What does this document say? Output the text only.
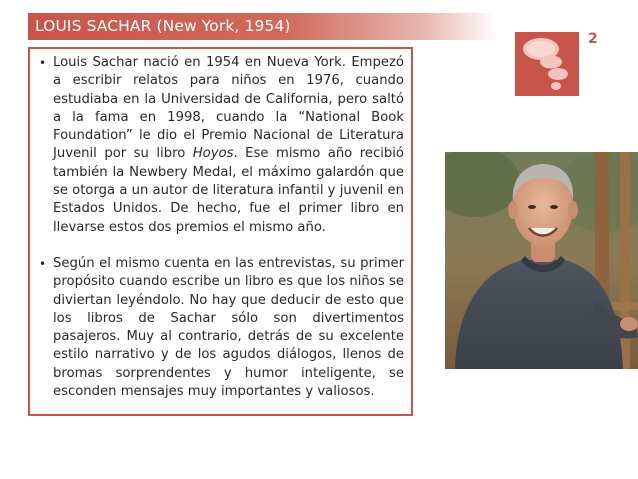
LOUIS SACHAR (New York, 1954)
2

• Louis Sachar nació en 1954 en Nueva York. Empezó a escribir relatos para niños en 1976, cuando estudiaba en la Universidad de California, pero saltó a la fama en 1998, cuando la “National Book Foundation” le dio el Premio Nacional de Literatura Juvenil por su libro Hoyos. Ese mismo año recibió también la Newbery Medal, el máximo galardón que se otorga a un autor de literatura infantil y juvenil en Estados Unidos. De hecho, fue el primer libro en llevarse estos dos premios el mismo año.

• Según el mismo cuenta en las entrevistas, su primer propósito cuando escribe un libro es que los niños se diviertan leyéndolo. No hay que deducir de esto que los libros de Sachar sólo son divertimentos pasajeros. Muy al contrario, detrás de su excelente estilo narrativo y de los agudos diálogos, llenos de bromas sorprendentes y humor inteligente, se esconden mensajes muy importantes y valiosos.
